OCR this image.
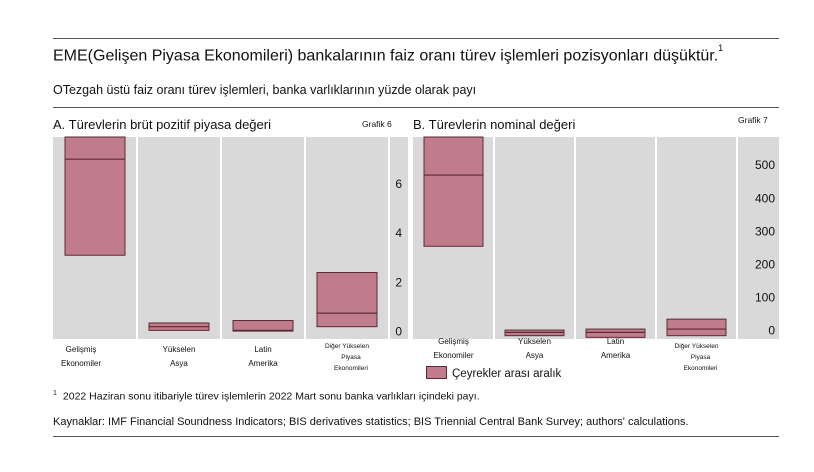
EME(Gelişen Piyasa Ekonomileri) bankalarının faiz oranı türev işlemleri pozisyonları düşüktür.$^1$
OTezgah üstü faiz oranı türev işlemleri, banka varlıklarının yüzde olarak payı
A. Türevlerin brüt pozitif piyasa değeri	Grafik 6 B. Türevlerin nominal değeri	Grafik 7
0
2
4
6
Gelişmiş
Ekonomiler
Yükselen
Asya
Latin
Amerika
Diğer Yükselen
Piyasa
Ekonomileri
0
100
200
300
400
500
Gelişmiş
Ekonomiler
Yükselen
Asya
Latin
Amerika
Diğer Yükselen
Piyasa
Ekonomileri
Çeyrekler arası aralık
$^1$ 2022 Haziran sonu itibariyle türev işlemlerin 2022 Mart sonu banka varlıkları içindeki payı.
Kaynaklar: IMF Financial Soundness Indicators; BIS derivatives statistics; BIS Triennial Central Bank Survey; authors' calculations.
